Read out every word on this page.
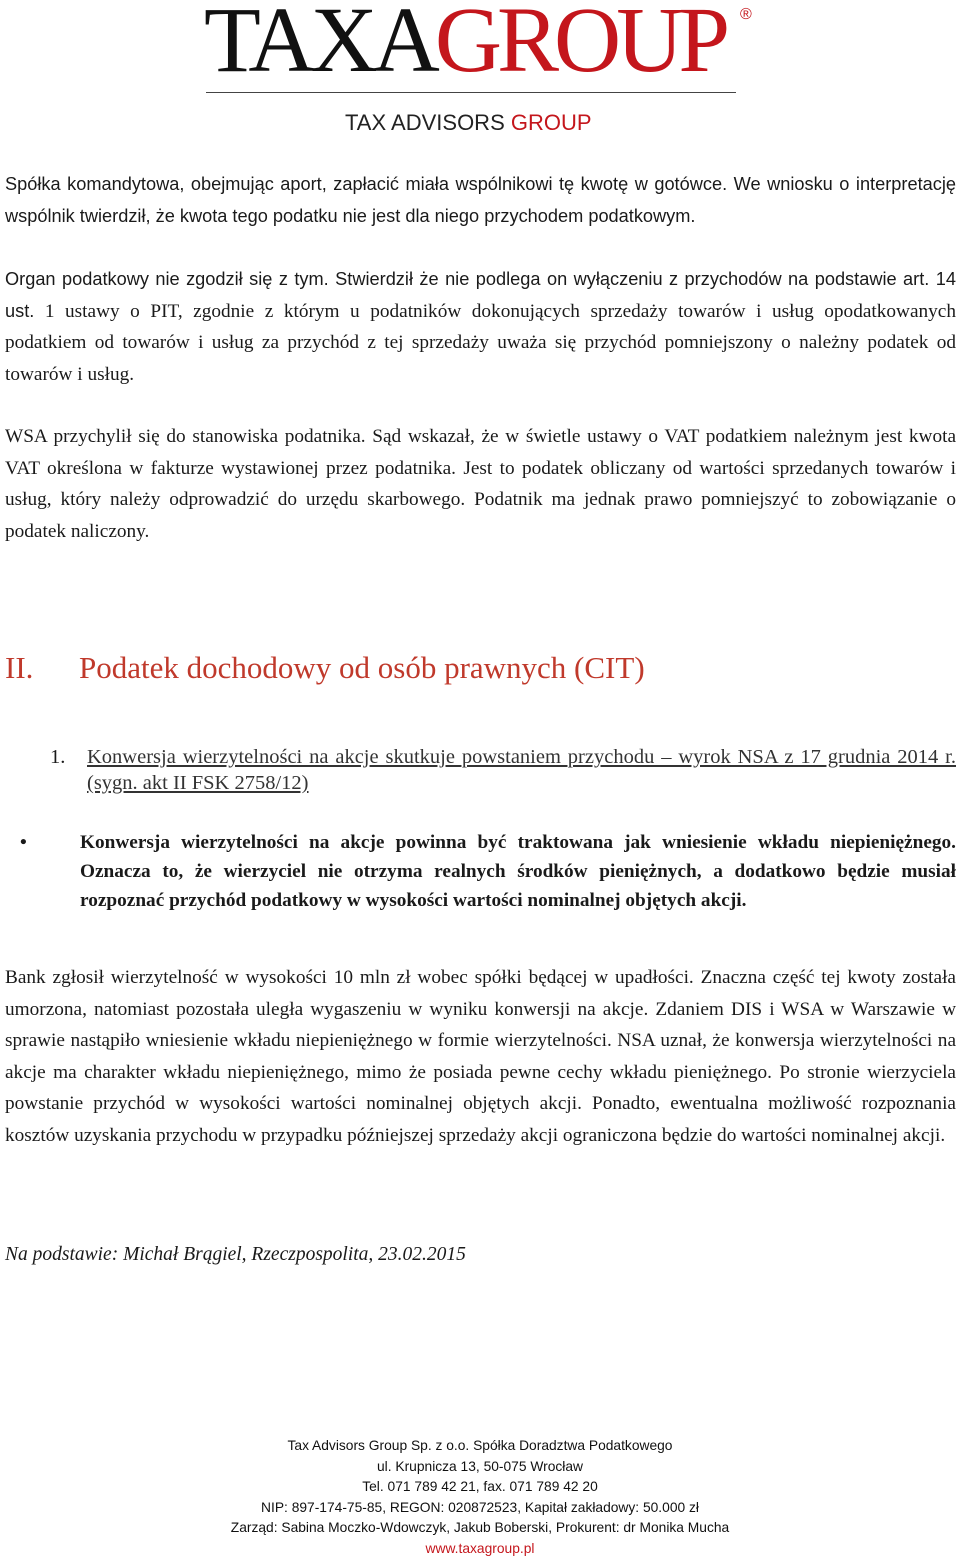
TAXAGROUP ®
TAX ADVISORS GROUP

Spółka komandytowa, obejmując aport, zapłacić miała wspólnikowi tę kwotę w gotówce. We wniosku o interpretację wspólnik twierdził, że kwota tego podatku nie jest dla niego przychodem podatkowym.

Organ podatkowy nie zgodził się z tym. Stwierdził że nie podlega on wyłączeniu z przychodów na podstawie art. 14 ust. 1 ustawy o PIT, zgodnie z którym u podatników dokonujących sprzedaży towarów i usług opodatkowanych podatkiem od towarów i usług za przychód z tej sprzedaży uważa się przychód pomniejszony o należny podatek od towarów i usług.

WSA przychylił się do stanowiska podatnika. Sąd wskazał, że w świetle ustawy o VAT podatkiem należnym jest kwota VAT określona w fakturze wystawionej przez podatnika. Jest to podatek obliczany od wartości sprzedanych towarów i usług, który należy odprowadzić do urzędu skarbowego. Podatnik ma jednak prawo pomniejszyć to zobowiązanie o podatek naliczony.

II. Podatek dochodowy od osób prawnych (CIT)
1. Konwersja wierzytelności na akcje skutkuje powstaniem przychodu – wyrok NSA z 17 grudnia 2014 r. (sygn. akt II FSK 2758/12)
•	Konwersja wierzytelności na akcje powinna być traktowana jak wniesienie wkładu niepieniężnego. Oznacza to, że wierzyciel nie otrzyma realnych środków pieniężnych, a dodatkowo będzie musiał rozpoznać przychód podatkowy w wysokości wartości nominalnej objętych akcji.

Bank zgłosił wierzytelność w wysokości 10 mln zł wobec spółki będącej w upadłości. Znaczna część tej kwoty została umorzona, natomiast pozostała uległa wygaszeniu w wyniku konwersji na akcje. Zdaniem DIS i WSA w Warszawie w sprawie nastąpiło wniesienie wkładu niepieniężnego w formie wierzytelności. NSA uznał, że konwersja wierzytelności na akcje ma charakter wkładu niepieniężnego, mimo że posiada pewne cechy wkładu pieniężnego. Po stronie wierzyciela powstanie przychód w wysokości wartości nominalnej objętych akcji. Ponadto, ewentualna możliwość rozpoznania kosztów uzyskania przychodu w przypadku późniejszej sprzedaży akcji ograniczona będzie do wartości nominalnej akcji.

Na podstawie: Michał Brągiel, Rzeczpospolita, 23.02.2015
Tax Advisors Group Sp. z o.o. Spółka Doradztwa Podatkowego
ul. Krupnicza 13, 50-075 Wrocław
Tel. 071 789 42 21, fax. 071 789 42 20
NIP: 897-174-75-85, REGON: 020872523, Kapitał zakładowy: 50.000 zł
Zarząd: Sabina Moczko-Wdowczyk, Jakub Boberski, Prokurent: dr Monika Mucha
www.taxagroup.pl
